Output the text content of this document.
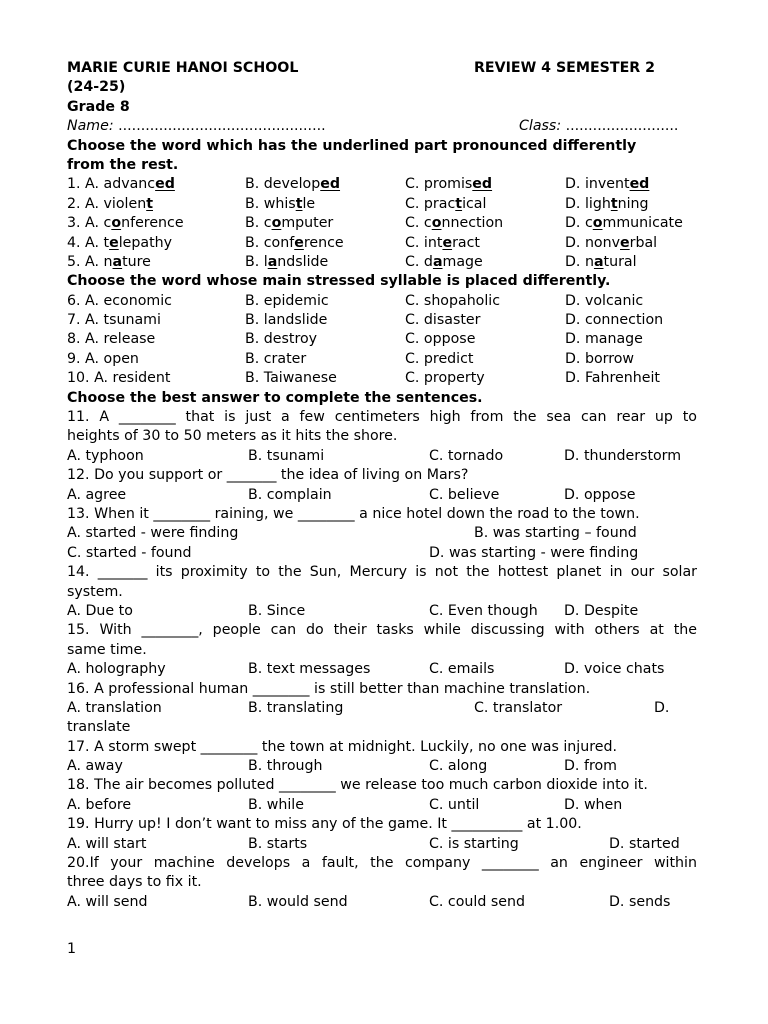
MARIE CURIE HANOI SCHOOL	REVIEW 4 SEMESTER 2
(24-25)
Grade 8
Name: ..............................................	Class: .........................
Choose the word which has the underlined part pronounced differently
from the rest.
1. A. advanced	B. developed	C. promised	D. invented
2. A. violent	B. whistle	C. practical	D. lightning
3. A. conference	B. computer	C. connection	D. communicate
4. A. telepathy	B. conference	C. interact	D. nonverbal
5. A. nature	B. landslide	C. damage	D. natural
Choose the word whose main stressed syllable is placed differently.
6. A. economic	B. epidemic	C. shopaholic	D. volcanic
7. A. tsunami	B. landslide	C. disaster	D. connection
8. A. release	B. destroy	C. oppose	D. manage
9. A. open	B. crater	C. predict	D. borrow
10. A. resident	B. Taiwanese	C. property	D. Fahrenheit
Choose the best answer to complete the sentences.
11. A ________ that is just a few centimeters high from the sea can rear up to
heights of 30 to 50 meters as it hits the shore.
A. typhoon	B. tsunami	C. tornado	D. thunderstorm
12. Do you support or _______ the idea of living on Mars?
A. agree	B. complain	C. believe	D. oppose
13. When it ________ raining, we ________ a nice hotel down the road to the town.
A. started - were finding	B. was starting – found
C. started - found	D. was starting - were finding
14. _______ its proximity to the Sun, Mercury is not the hottest planet in our solar
system.
A. Due to	B. Since	C. Even though D. Despite
15. With ________, people can do their tasks while discussing with others at the
same time.
A. holography	B. text messages	C. emails	D. voice chats
16. A professional human ________ is still better than machine translation.
A. translation	B. translating	C. translator	D.
translate
17. A storm swept ________ the town at midnight. Luckily, no one was injured.
A. away	B. through	C. along	D. from
18. The air becomes polluted ________ we release too much carbon dioxide into it.
A. before	B. while	C. until	D. when
19. Hurry up! I don’t want to miss any of the game. It __________ at 1.00.
A. will start	B. starts	C. is starting	D. started
20.If your machine develops a fault, the company ________ an engineer within
three days to fix it.
A. will send	B. would send	C. could send	D. sends
1
